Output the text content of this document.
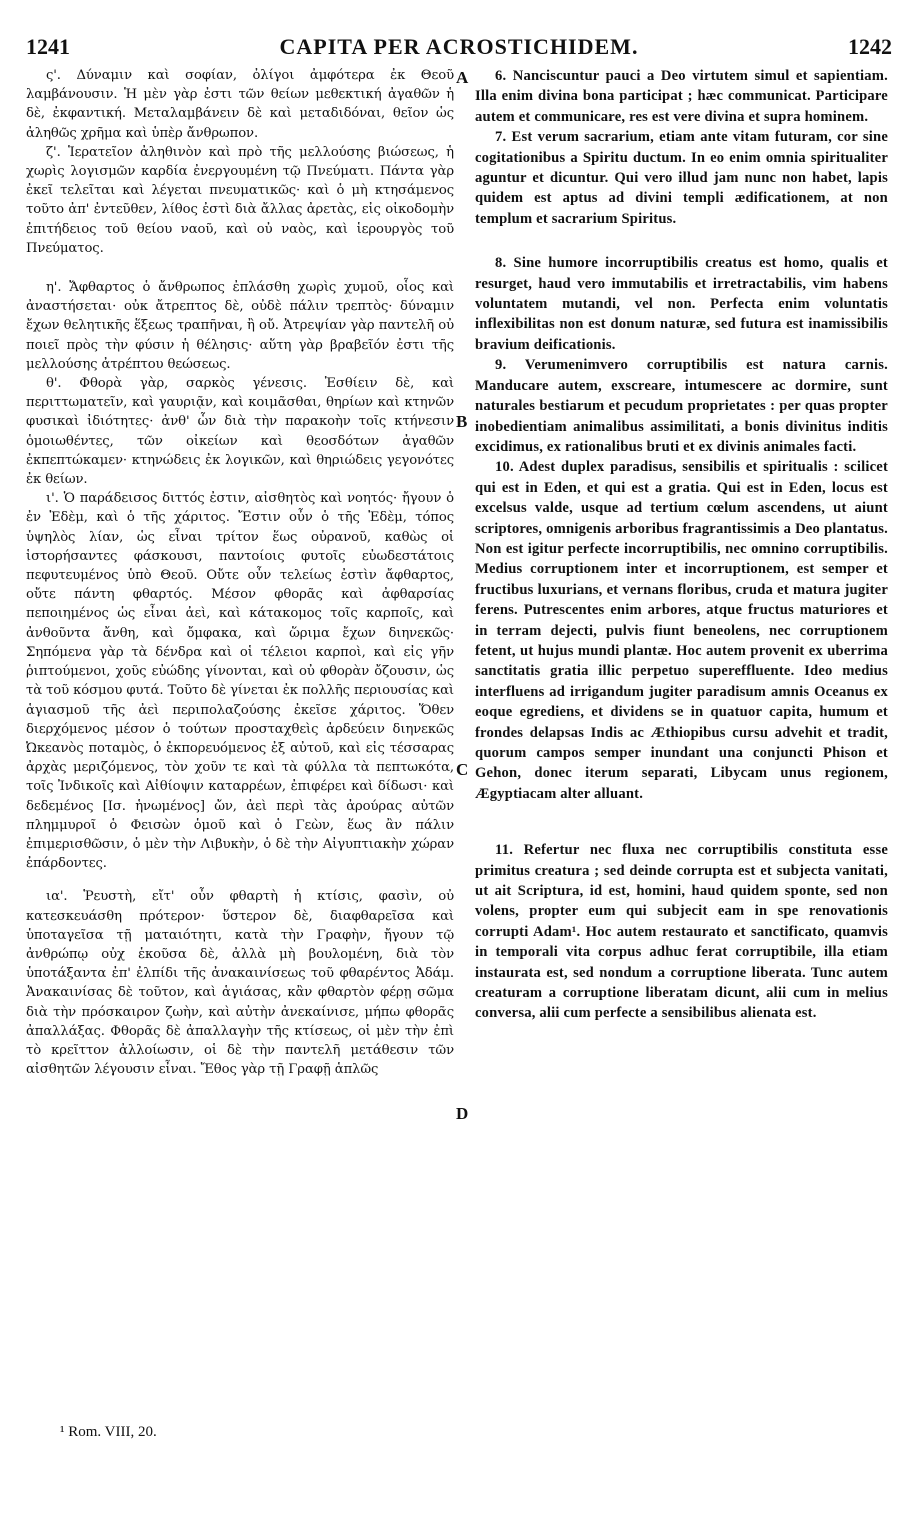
1241	CAPITA PER ACROSTICHIDEM.	1242

ς'. Δύναμιν καὶ σοφίαν, ὀλίγοι ἀμφότερα ἐκ Θεοῦ λαμβάνουσιν. Ἡ μὲν γὰρ ἐστι τῶν θείων μεθεκτική ἀγαθῶν ἡ δὲ, ἐκφαντική. Μεταλαμβάνειν δὲ καὶ μεταδιδόναι, θεῖον ὡς ἀληθῶς χρῆμα καὶ ὑπὲρ ἄνθρωπον.

ζ'. Ἱερατεῖον ἀληθινὸν καὶ πρὸ τῆς μελλούσης βιώσεως, ἡ χωρὶς λογισμῶν καρδία ἐνεργουμένη τῷ Πνεύματι. Πάντα γὰρ ἐκεῖ τελεῖται καὶ λέγεται πνευματικῶς· καὶ ὁ μὴ κτησάμενος τοῦτο ἀπ' ἐντεῦθεν, λίθος ἐστὶ διὰ ἄλλας ἀρετὰς, εἰς οἰκοδομὴν ἐπιτήδειος τοῦ θείου ναοῦ, καὶ οὐ ναὸς, καὶ ἱερουργὸς τοῦ Πνεύματος.

η'. Ἄφθαρτος ὁ ἄνθρωπος ἐπλάσθη χωρὶς χυμοῦ, οἷος καὶ ἀναστήσεται· οὐκ ἄτρεπτος δὲ, οὐδὲ πάλιν τρεπτὸς· δύναμιν ἔχων θελητικῆς ἕξεως τραπῆναι, ἢ οὔ. Ἀτρεψίαν γὰρ παντελῆ οὐ ποιεῖ πρὸς τὴν φύσιν ἡ θέλησις· αὕτη γὰρ βραβεῖόν ἐστι τῆς μελλούσης ἀτρέπτου θεώσεως.

θ'. Φθορὰ γὰρ, σαρκὸς γένεσις. Ἐσθίειν δὲ, καὶ περιττωματεῖν, καὶ γαυριᾷν, καὶ κοιμᾶσθαι, θηρίων καὶ κτηνῶν φυσικαὶ ἰδιότητες· ἀνθ' ὧν διὰ τὴν παρακοὴν τοῖς κτήνεσιν ὁμοιωθέντες, τῶν οἰκείων καὶ θεοσδότων ἀγαθῶν ἐκπεπτώκαμεν· κτηνώδεις ἐκ λογικῶν, καὶ θηριώδεις γεγονότες ἐκ θείων.

ι'. Ὁ παράδεισος διττός ἐστιν, αἰσθητὸς καὶ νοητός· ἤγουν ὁ ἐν Ἐδὲμ, καὶ ὁ τῆς χάριτος. Ἔστιν οὖν ὁ τῆς Ἐδὲμ, τόπος ὑψηλὸς λίαν, ὡς εἶναι τρίτον ἕως οὐρανοῦ, καθὼς οἱ ἱστορήσαντες φάσκουσι, παντοίοις φυτοῖς εὐωδεστάτοις πεφυτευμένος ὑπὸ Θεοῦ. Οὔτε οὖν τελείως ἐστὶν ἄφθαρτος, οὔτε πάντη φθαρτός. Μέσον φθορᾶς καὶ ἀφθαρσίας πεποιημένος ὡς εἶναι ἀεὶ, καὶ κάτακομος τοῖς καρποῖς, καὶ ἀνθοῦντα ἄνθη, καὶ ὄμφακα, καὶ ὥριμα ἔχων διηνεκῶς· Σηπόμενα γὰρ τὰ δένδρα καὶ οἱ τέλειοι καρποὶ, καὶ εἰς γῆν ῥιπτούμενοι, χοῦς εὐώδης γίνονται, καὶ οὐ φθορὰν ὄζουσιν, ὡς τὰ τοῦ κόσμου φυτά. Τοῦτο δὲ γίνεται ἐκ πολλῆς περιουσίας καὶ ἁγιασμοῦ τῆς ἀεὶ περιπολαζούσης ἐκεῖσε χάριτος. Ὅθεν διερχόμενος μέσον ὁ τούτων προσταχθεὶς ἀρδεύειν διηνεκῶς Ὠκεανὸς ποταμὸς, ὁ ἐκπορευόμενος ἐξ αὐτοῦ, καὶ εἰς τέσσαρας ἀρχὰς μεριζόμενος, τὸν χοῦν τε καὶ τὰ φύλλα τὰ πεπτωκότα, τοῖς Ἰνδικοῖς καὶ Αἰθίοψιν καταρρέων, ἐπιφέρει καὶ δίδωσι· καὶ δεδεμένος [Ισ. ἡνωμένος] ὤν, ἀεὶ περὶ τὰς ἀρούρας αὐτῶν πλημμυροῖ ὁ Φεισὼν ὁμοῦ καὶ ὁ Γεὼν, ἕως ἂν πάλιν ἐπιμερισθῶσιν, ὁ μὲν τὴν Λιβυκὴν, ὁ δὲ τὴν Αἰγυπτιακὴν χώραν ἐπάρδοντες.

ια'. Ῥευστὴ, εἴτ' οὖν φθαρτὴ ἡ κτίσις, φασὶν, οὐ κατεσκευάσθη πρότερον· ὕστερον δὲ, διαφθαρεῖσα καὶ ὑποταγεῖσα τῇ ματαιότητι, κατὰ τὴν Γραφὴν, ἤγουν τῷ ἀνθρώπῳ οὐχ ἑκοῦσα δὲ, ἀλλὰ μὴ βουλομένη, διὰ τὸν ὑποτάξαντα ἐπ' ἐλπίδι τῆς ἀνακαινίσεως τοῦ φθαρέντος Ἀδάμ. Ἀνακαινίσας δὲ τοῦτον, καὶ ἁγιάσας, κἂν φθαρτὸν φέρῃ σῶμα διὰ τὴν πρόσκαιρον ζωὴν, καὶ αὐτὴν ἀνεκαίνισε, μήπω φθορᾶς ἀπαλλάξας. Φθορᾶς δὲ ἀπαλλαγὴν τῆς κτίσεως, οἱ μὲν τὴν ἐπὶ τὸ κρεῖττον ἀλλοίωσιν, οἱ δὲ τὴν παντελῆ μετάθεσιν τῶν αἰσθητῶν λέγουσιν εἶναι. Ἔθος γὰρ τῇ Γραφῇ ἁπλῶς

6. Nanciscuntur pauci a Deo virtutem simul et sapientiam. Illa enim divina bona participat ; hæc communicat. Participare autem et communicare, res est vere divina et supra hominem.

7. Est verum sacrarium, etiam ante vitam futuram, cor sine cogitationibus a Spiritu ductum. In eo enim omnia spiritualiter aguntur et dicuntur. Qui vero illud jam nunc non habet, lapis quidem est aptus ad divini templi ædificationem, at non templum et sacrarium Spiritus.

8. Sine humore incorruptibilis creatus est homo, qualis et resurget, haud vero immutabilis et irretractabilis, vim habens voluntatem mutandi, vel non. Perfecta enim voluntatis inflexibilitas non est donum naturæ, sed futura est inamissibilis bravium deificationis.

9. Verumenimvero corruptibilis est natura carnis. Manducare autem, exscreare, intumescere ac dormire, sunt naturales bestiarum et pecudum proprietates : per quas propter inobedientiam animalibus assimilitati, a bonis divinitus inditis excidimus, ex rationalibus bruti et ex divinis animales facti.

10. Adest duplex paradisus, sensibilis et spiritualis : scilicet qui est in Eden, et qui est a gratia. Qui est in Eden, locus est excelsus valde, usque ad tertium cœlum ascendens, ut aiunt scriptores, omnigenis arboribus fragrantissimis a Deo plantatus. Non est igitur perfecte incorruptibilis, nec omnino corruptibilis. Medius corruptionem inter et incorruptionem, est semper et fructibus luxurians, et vernans floribus, cruda et matura jugiter ferens. Putrescentes enim arbores, atque fructus maturiores et in terram dejecti, pulvis fiunt beneolens, nec corruptionem fetent, ut hujus mundi plantæ. Hoc autem provenit ex uberrima sanctitatis gratia illic perpetuo supereffluente. Ideo medius interfluens ad irrigandum jugiter paradisum amnis Oceanus ex eoque egrediens, et dividens se in quatuor capita, humum et frondes delapsas Indis ac Æthiopibus cursu advehit et tradit, quorum campos semper inundant una conjuncti Phison et Gehon, donec iterum separati, Libycam unus regionem, Ægyptiacam alter alluant.

11. Refertur nec fluxa nec corruptibilis constituta esse primitus creatura ; sed deinde corrupta est et subjecta vanitati, ut ait Scriptura, id est, homini, haud quidem sponte, sed non volens, propter eum qui subjecit eam in spe renovationis corrupti Adam¹. Hoc autem restaurato et sanctificato, quamvis in temporali vita corpus adhuc ferat corruptibile, illa etiam instaurata est, sed nondum a corruptione liberata. Tunc autem creaturam a corruptione liberatam dicunt, alii cum in melius conversa, alii cum perfecte a sensibilibus alienata est.

A
B
C
D
¹ Rom. VIII, 20.
